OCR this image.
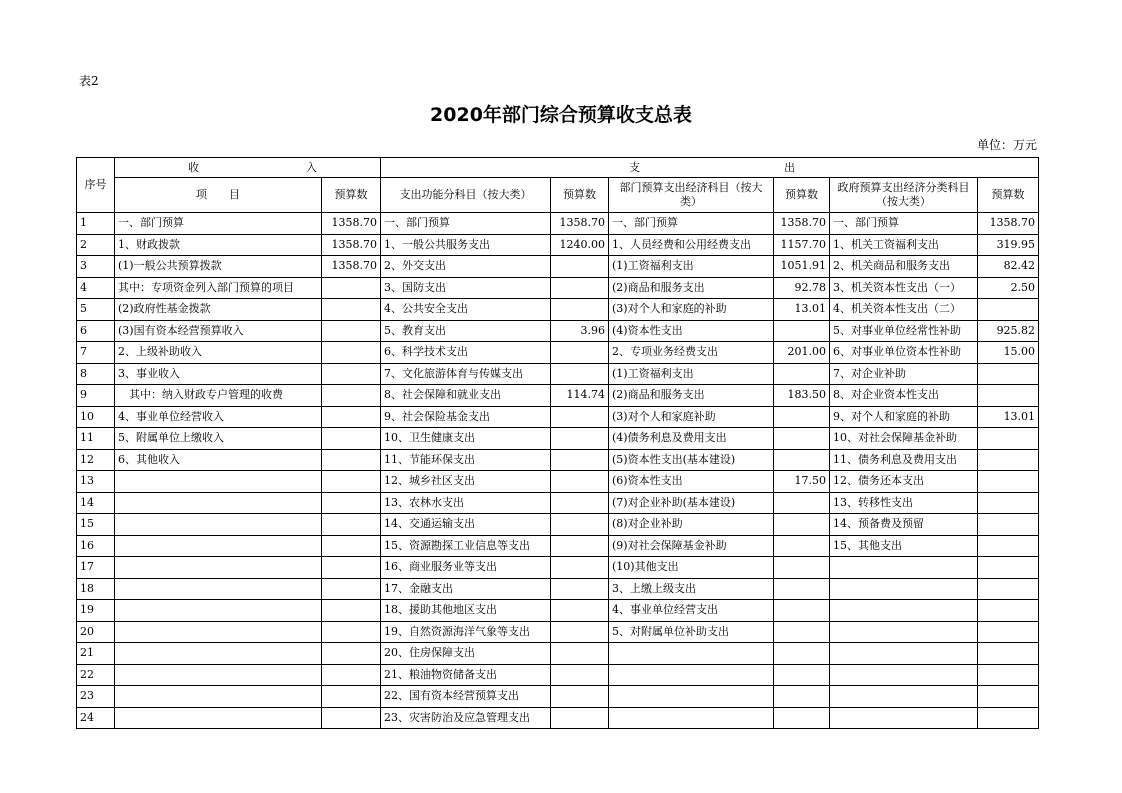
表2
2020年部门综合预算收支总表
单位：万元
序号	收 入		支 出					

	项　　目	预算数	支出功能分科目（按大类）	预算数	部门预算支出经济科目（按大类）	预算数	政府预算支出经济分类科目（按大类）	预算数
1	一、部门预算	1358.70	一、部门预算	1358.70	一、部门预算	1358.70	一、部门预算	1358.70
2	1、财政拨款	1358.70	1、一般公共服务支出	1240.00	1、人员经费和公用经费支出	1157.70	1、机关工资福利支出	319.95
3	(1)一般公共预算拨款	1358.70	2、外交支出		(1)工资福利支出	1051.91	2、机关商品和服务支出	82.42
4	其中：专项资金列入部门预算的项目		3、国防支出		(2)商品和服务支出	92.78	3、机关资本性支出（一）	2.50
5	(2)政府性基金拨款		4、公共安全支出		(3)对个人和家庭的补助	13.01	4、机关资本性支出（二）	
6	(3)国有资本经营预算收入		5、教育支出	3.96	(4)资本性支出		5、对事业单位经常性补助	925.82
7	2、上级补助收入		6、科学技术支出		2、专项业务经费支出	201.00	6、对事业单位资本性补助	15.00
8	3、事业收入		7、文化旅游体育与传媒支出		(1)工资福利支出		7、对企业补助	
9	　其中：纳入财政专户管理的收费		8、社会保障和就业支出	114.74	(2)商品和服务支出	183.50	8、对企业资本性支出	
10	4、事业单位经营收入		9、社会保险基金支出		(3)对个人和家庭补助		9、对个人和家庭的补助	13.01
11	5、附属单位上缴收入		10、卫生健康支出		(4)债务利息及费用支出		10、对社会保障基金补助	
12	6、其他收入		11、节能环保支出		(5)资本性支出(基本建设)		11、债务利息及费用支出	
13			12、城乡社区支出		(6)资本性支出	17.50	12、债务还本支出	
14			13、农林水支出		(7)对企业补助(基本建设)		13、转移性支出	
15			14、交通运输支出		(8)对企业补助		14、预备费及预留	
16			15、资源勘探工业信息等支出		(9)对社会保障基金补助		15、其他支出	
17			16、商业服务业等支出		(10)其他支出			
18			17、金融支出		3、上缴上级支出			
19			18、援助其他地区支出		4、事业单位经营支出			
20			19、自然资源海洋气象等支出		5、对附属单位补助支出			
21			20、住房保障支出					
22			21、粮油物资储备支出					
23			22、国有资本经营预算支出					
24			23、灾害防治及应急管理支出					
